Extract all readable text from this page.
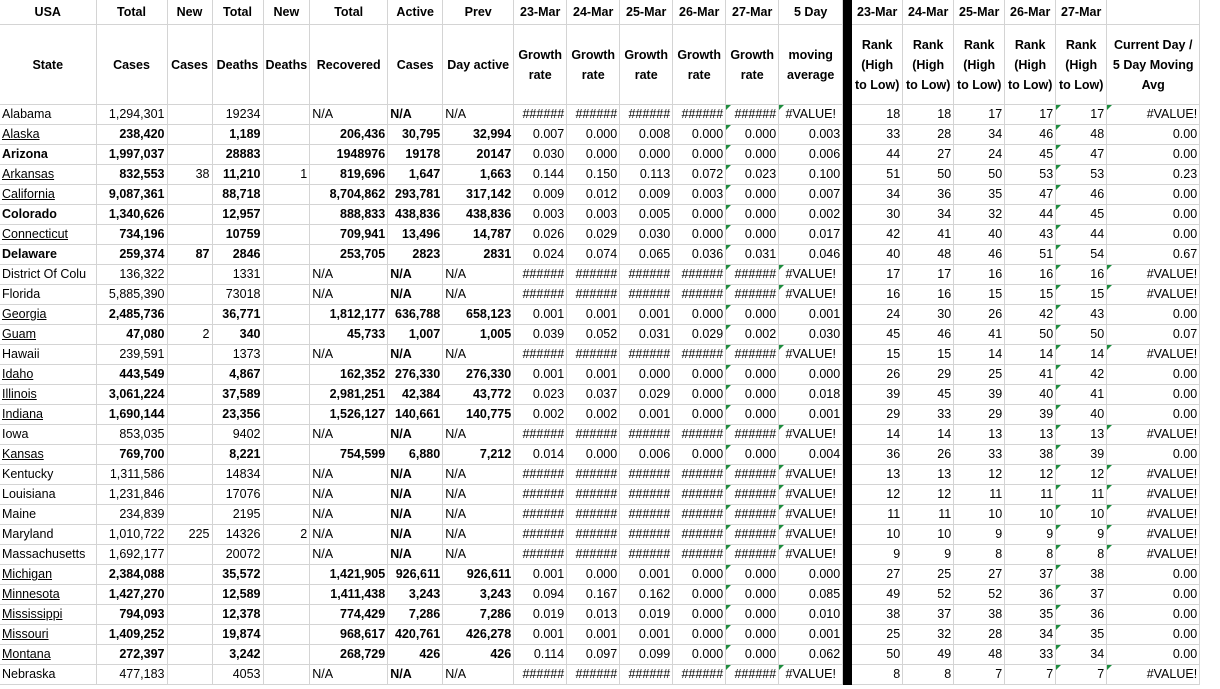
USA	Total	New	Total	New	Total	Active	Prev	23-Mar	24-Mar	25-Mar	26-Mar	27-Mar	5 Day		23-Mar	24-Mar	25-Mar	26-Mar	27-Mar	
State	Cases	Cases	Deaths	Deaths	Recovered	Cases	Day active	Growth rate	Growth rate	Growth rate	Growth rate	Growth rate	moving average		Rank (High to Low)	Rank (High to Low)	Rank (High to Low)	Rank (High to Low)	Rank (High to Low)	Current Day / 5 Day Moving Avg
Alabama	1,294,301		19234		N/A	N/A	N/A	######	######	######	######	######	#VALUE!		18	18	17	17	17	#VALUE!
Alaska	238,420		1,189		206,436	30,795	32,994	0.007	0.000	0.008	0.000	0.000	0.003		33	28	34	46	48	0.00
Arizona	1,997,037		28883		1948976	19178	20147	0.030	0.000	0.000	0.000	0.000	0.006		44	27	24	45	47	0.00
Arkansas	832,553	38	11,210	1	819,696	1,647	1,663	0.144	0.150	0.113	0.072	0.023	0.100		51	50	50	53	53	0.23
California	9,087,361		88,718		8,704,862	293,781	317,142	0.009	0.012	0.009	0.003	0.000	0.007		34	36	35	47	46	0.00
Colorado	1,340,626		12,957		888,833	438,836	438,836	0.003	0.003	0.005	0.000	0.000	0.002		30	34	32	44	45	0.00
Connecticut	734,196		10759		709,941	13,496	14,787	0.026	0.029	0.030	0.000	0.000	0.017		42	41	40	43	44	0.00
Delaware	259,374	87	2846		253,705	2823	2831	0.024	0.074	0.065	0.036	0.031	0.046		40	48	46	51	54	0.67
District Of Colu	136,322		1331		N/A	N/A	N/A	######	######	######	######	######	#VALUE!		17	17	16	16	16	#VALUE!
Florida	5,885,390		73018		N/A	N/A	N/A	######	######	######	######	######	#VALUE!		16	16	15	15	15	#VALUE!
Georgia	2,485,736		36,771		1,812,177	636,788	658,123	0.001	0.001	0.001	0.000	0.000	0.001		24	30	26	42	43	0.00
Guam	47,080	2	340		45,733	1,007	1,005	0.039	0.052	0.031	0.029	0.002	0.030		45	46	41	50	50	0.07
Hawaii	239,591		1373		N/A	N/A	N/A	######	######	######	######	######	#VALUE!		15	15	14	14	14	#VALUE!
Idaho	443,549		4,867		162,352	276,330	276,330	0.001	0.001	0.000	0.000	0.000	0.000		26	29	25	41	42	0.00
Illinois	3,061,224		37,589		2,981,251	42,384	43,772	0.023	0.037	0.029	0.000	0.000	0.018		39	45	39	40	41	0.00
Indiana	1,690,144		23,356		1,526,127	140,661	140,775	0.002	0.002	0.001	0.000	0.000	0.001		29	33	29	39	40	0.00
Iowa	853,035		9402		N/A	N/A	N/A	######	######	######	######	######	#VALUE!		14	14	13	13	13	#VALUE!
Kansas	769,700		8,221		754,599	6,880	7,212	0.014	0.000	0.006	0.000	0.000	0.004		36	26	33	38	39	0.00
Kentucky	1,311,586		14834		N/A	N/A	N/A	######	######	######	######	######	#VALUE!		13	13	12	12	12	#VALUE!
Louisiana	1,231,846		17076		N/A	N/A	N/A	######	######	######	######	######	#VALUE!		12	12	11	11	11	#VALUE!
Maine	234,839		2195		N/A	N/A	N/A	######	######	######	######	######	#VALUE!		11	11	10	10	10	#VALUE!
Maryland	1,010,722	225	14326	2	N/A	N/A	N/A	######	######	######	######	######	#VALUE!		10	10	9	9	9	#VALUE!
Massachusetts	1,692,177		20072		N/A	N/A	N/A	######	######	######	######	######	#VALUE!		9	9	8	8	8	#VALUE!
Michigan	2,384,088		35,572		1,421,905	926,611	926,611	0.001	0.000	0.001	0.000	0.000	0.000		27	25	27	37	38	0.00
Minnesota	1,427,270		12,589		1,411,438	3,243	3,243	0.094	0.167	0.162	0.000	0.000	0.085		49	52	52	36	37	0.00
Mississippi	794,093		12,378		774,429	7,286	7,286	0.019	0.013	0.019	0.000	0.000	0.010		38	37	38	35	36	0.00
Missouri	1,409,252		19,874		968,617	420,761	426,278	0.001	0.001	0.001	0.000	0.000	0.001		25	32	28	34	35	0.00
Montana	272,397		3,242		268,729	426	426	0.114	0.097	0.099	0.000	0.000	0.062		50	49	48	33	34	0.00
Nebraska	477,183		4053		N/A	N/A	N/A	######	######	######	######	######	#VALUE!		8	8	7	7	7	#VALUE!
